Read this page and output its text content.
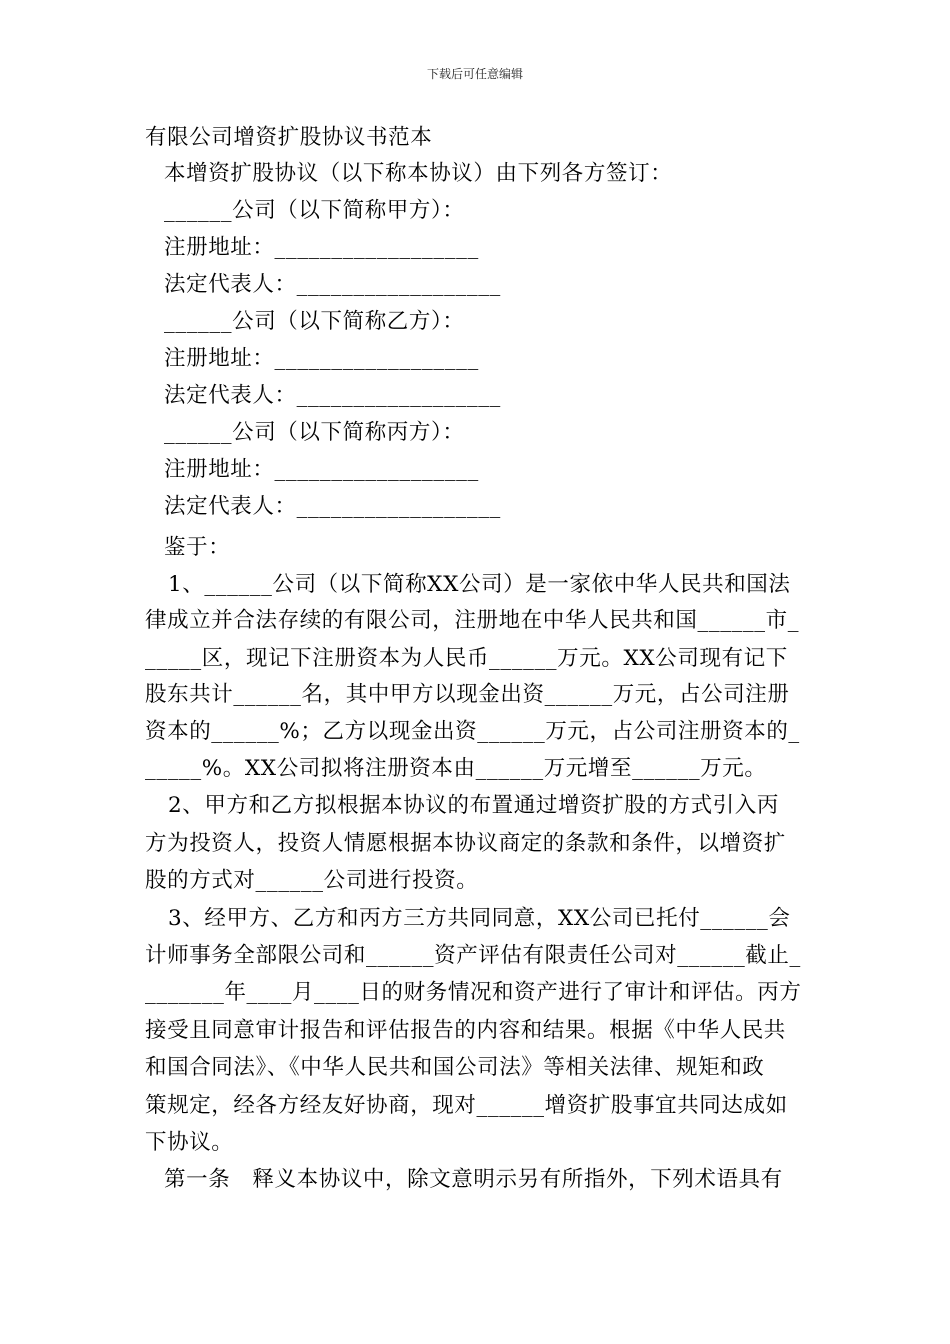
下载后可任意编辑
有限公司增资扩股协议书范本
本增资扩股协议（以下称本协议）由下列各方签订：
______公司（以下简称甲方）：
注册地址：__________________
法定代表人：__________________
______公司（以下简称乙方）：
注册地址：__________________
法定代表人：__________________
______公司（以下简称丙方）：
注册地址：__________________
法定代表人：__________________
鉴于：
1、______公司（以下简称XX公司）是一家依中华人民共和国法
律成立并合法存续的有限公司，注册地在中华人民共和国______市_
_____区，现记下注册资本为人民币______万元。XX公司现有记下
股东共计______名，其中甲方以现金出资______万元，占公司注册
资本的______%；乙方以现金出资______万元，占公司注册资本的_
_____%。XX公司拟将注册资本由______万元增至______万元。
2、甲方和乙方拟根据本协议的布置通过增资扩股的方式引入丙
方为投资人，投资人情愿根据本协议商定的条款和条件，以增资扩
股的方式对______公司进行投资。
3、经甲方、乙方和丙方三方共同同意，XX公司已托付______会
计师事务全部限公司和______资产评估有限责任公司对______截止_
_______年____月____日的财务情况和资产进行了审计和评估。丙方
接受且同意审计报告和评估报告的内容和结果。根据《中华人民共
和国合同法》、《中华人民共和国公司法》等相关法律、规矩和政
策规定，经各方经友好协商，现对______增资扩股事宜共同达成如
下协议。
第一条　释义本协议中，除文意明示另有所指外，下列术语具有
